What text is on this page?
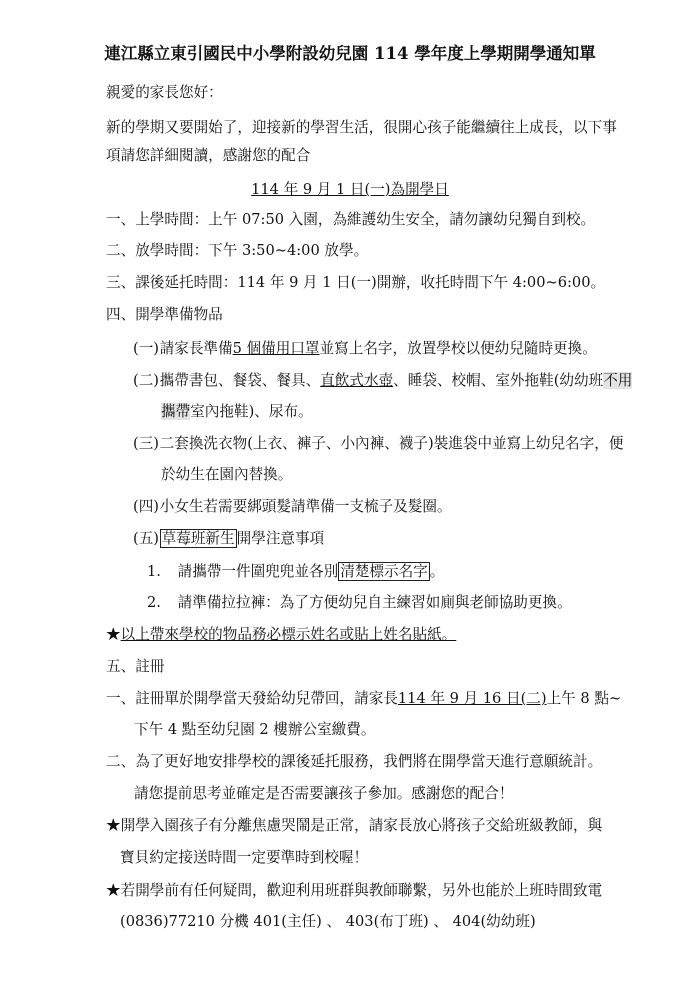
連江縣立東引國民中小學附設幼兒園 114 學年度上學期開學通知單
親愛的家長您好：
新的學期又要開始了，迎接新的學習生活，很開心孩子能繼續往上成長，以下事
項請您詳細閱讀，感謝您的配合
114 年 9 月 1 日(一)為開學日
一、上學時間：上午 07:50 入園，為維護幼生安全，請勿讓幼兒獨自到校。
二、放學時間：下午 3:50~4:00 放學。
三、課後延托時間：114 年 9 月 1 日(一)開辦，收托時間下午 4:00~6:00。
四、開學準備物品
(一) 請家長準備5 個備用口罩並寫上名字，放置學校以便幼兒隨時更換。
(二) 攜帶書包、餐袋、餐具、直飲式水壺、睡袋、校帽、室外拖鞋(幼幼班不用
攜帶室內拖鞋)、尿布。
(三) 二套換洗衣物(上衣、褲子、小內褲、襪子)裝進袋中並寫上幼兒名字，便
於幼生在園內替換。
(四) 小女生若需要綁頭髮請準備一支梳子及髮圈。
(五) 草莓班新生 開學注意事項
1. 請攜帶一件圍兜兜並各別 清楚標示名字 。
2. 請準備拉拉褲：為了方便幼兒自主練習如廁與老師協助更換。
★以上帶來學校的物品務必標示姓名或貼上姓名貼紙。
五、註冊
一、註冊單於開學當天發給幼兒帶回，請家長114 年 9 月 16 日(二)上午 8 點~
下午 4 點至幼兒園 2 樓辦公室繳費。
二、為了更好地安排學校的課後延托服務，我們將在開學當天進行意願統計。
請您提前思考並確定是否需要讓孩子參加。感謝您的配合！
★開學入園孩子有分離焦慮哭鬧是正常，請家長放心將孩子交給班級教師，與
寶貝約定接送時間一定要準時到校喔！
★若開學前有任何疑問，歡迎利用班群與教師聯繫，另外也能於上班時間致電
(0836)77210 分機 401(主任) 、 403(布丁班) 、 404(幼幼班)
